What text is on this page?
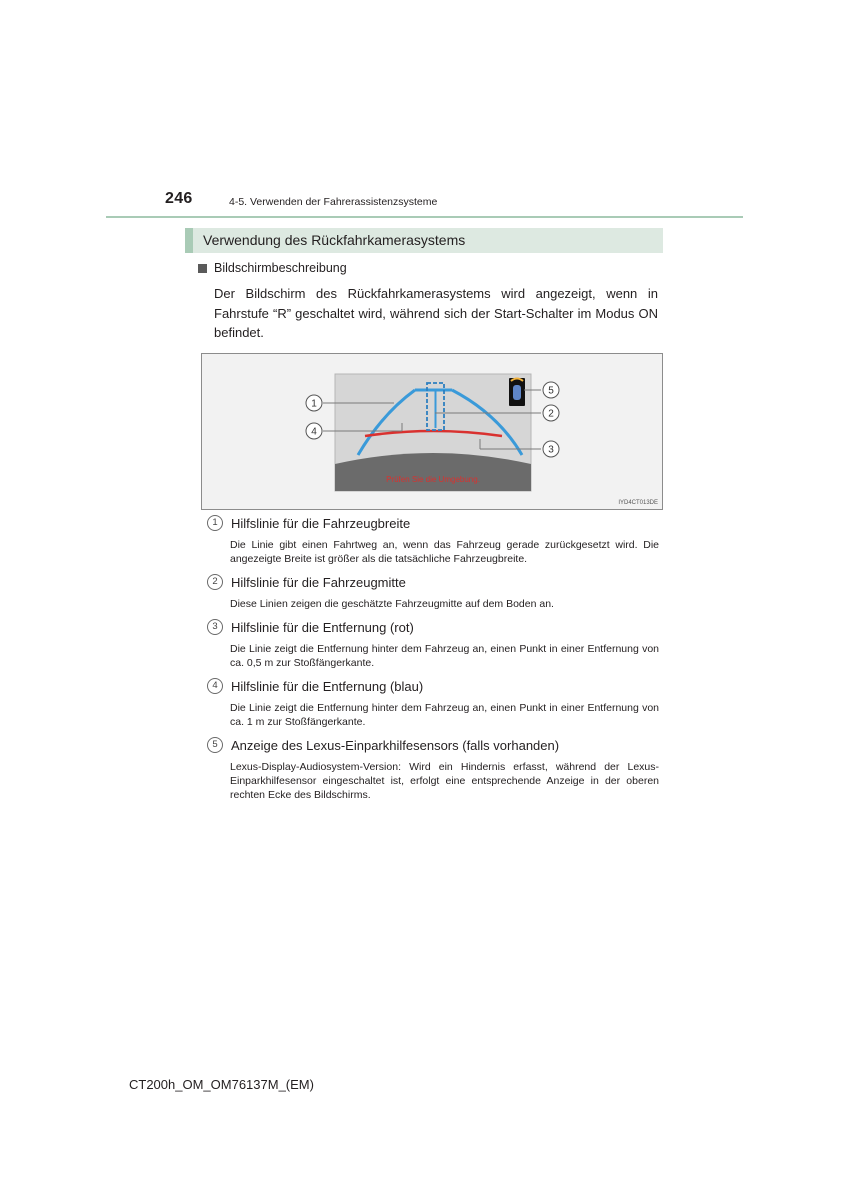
246	4-5. Verwenden der Fahrerassistenzsysteme
Verwendung des Rückfahrkamerasystems
Bildschirmbeschreibung
Der Bildschirm des Rückfahrkamerasystems wird angezeigt, wenn in Fahrstufe “R” geschaltet wird, während sich der Start-Schalter im Modus ON befindet.
Prüfen Sie die Umgebung.
1
4
5
2
3
IYD4CT013DE
1	Hilfslinie für die Fahrzeugbreite
Die Linie gibt einen Fahrtweg an, wenn das Fahrzeug gerade zurückgesetzt wird. Die angezeigte Breite ist größer als die tatsächliche Fahrzeugbreite.
2	Hilfslinie für die Fahrzeugmitte
Diese Linien zeigen die geschätzte Fahrzeugmitte auf dem Boden an.
3	Hilfslinie für die Entfernung (rot)
Die Linie zeigt die Entfernung hinter dem Fahrzeug an, einen Punkt in einer Entfernung von ca. 0,5 m zur Stoßfängerkante.
4	Hilfslinie für die Entfernung (blau)
Die Linie zeigt die Entfernung hinter dem Fahrzeug an, einen Punkt in einer Entfernung von ca. 1 m zur Stoßfängerkante.
5	Anzeige des Lexus-Einparkhilfesensors (falls vorhanden)
Lexus-Display-Audiosystem-Version: Wird ein Hindernis erfasst, während der Lexus-Einparkhilfesensor eingeschaltet ist, erfolgt eine entsprechende Anzeige in der oberen rechten Ecke des Bildschirms.
CT200h_OM_OM76137M_(EM)
